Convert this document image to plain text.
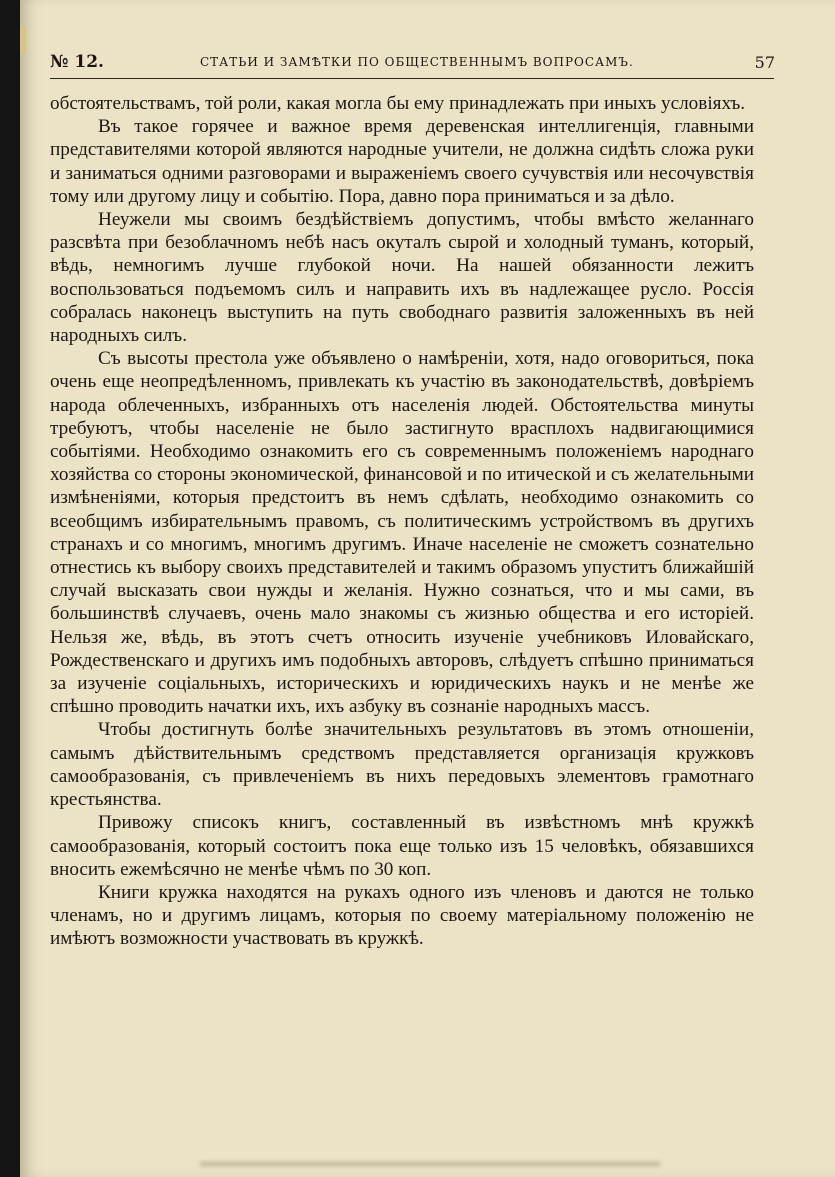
№ 12.	СТАТЬИ И ЗАМѢТКИ ПО ОБЩЕСТВЕННЫМЪ ВОПРОСАМЪ.	57

обстоятельствамъ, той роли, какая могла бы ему принадлежать при иныхъ условіяхъ.

Въ такое горячее и важное время деревенская интеллигенція, главными представителями которой являются народные учители, не должна сидѣть сложа руки и заниматься одними разговорами и выраженіемъ своего сучувствія или несочувствія тому или другому лицу и событію. Пора, давно пора приниматься и за дѣло.

Неужели мы своимъ бездѣйствіемъ допустимъ, чтобы вмѣсто желаннаго разсвѣта при безоблачномъ небѣ насъ окуталъ сырой и холодный туманъ, который, вѣдь, немногимъ лучше глубокой ночи. На нашей обязанности лежитъ воспользоваться подъемомъ силъ и направить ихъ въ надлежащее русло. Россія собралась наконецъ выступить на путь свободнаго развитія заложенныхъ въ ней народныхъ силъ.

Съ высоты престола уже объявлено о намѣреніи, хотя, надо оговориться, пока очень еще неопредѣленномъ, привлекать къ участію въ законодательствѣ, довѣріемъ народа облеченныхъ, избранныхъ отъ населенія людей. Обстоятельства минуты требуютъ, чтобы населеніе не было застигнуто врасплохъ надвигающимися событіями. Необходимо ознакомить его съ современнымъ положеніемъ народнаго хозяйства со стороны экономической, финансовой и по итической и съ желательными измѣненіями, которыя предстоитъ въ немъ сдѣлать, необходимо ознакомить со всеобщимъ избирательнымъ правомъ, съ политическимъ устройствомъ въ другихъ странахъ и со многимъ, многимъ другимъ. Иначе населеніе не сможетъ сознательно отнестись къ выбору своихъ представителей и такимъ образомъ упуститъ ближайшій случай высказать свои нужды и желанія. Нужно сознаться, что и мы сами, въ большинствѣ случаевъ, очень мало знакомы съ жизнью общества и его исторіей. Нельзя же, вѣдь, въ этотъ счетъ относить изученіе учебниковъ Иловайскаго, Рождественскаго и другихъ имъ подобныхъ авторовъ, слѣдуетъ спѣшно приниматься за изученіе соціальныхъ, историческихъ и юридическихъ наукъ и не менѣе же спѣшно проводить начатки ихъ, ихъ азбуку въ сознаніе народныхъ массъ.

Чтобы достигнуть болѣе значительныхъ результатовъ въ этомъ отношеніи, самымъ дѣйствительнымъ средствомъ представляется организація кружковъ самообразованія, съ привлеченіемъ въ нихъ передовыхъ элементовъ грамотнаго крестьянства.

Привожу списокъ книгъ, составленный въ извѣстномъ мнѣ кружкѣ самообразованія, который состоитъ пока еще только изъ 15 человѣкъ, обязавшихся вносить ежемѣсячно не менѣе чѣмъ по 30 коп.

Книги кружка находятся на рукахъ одного изъ членовъ и даются не только членамъ, но и другимъ лицамъ, которыя по своему матеріальному положенію не имѣютъ возможности участвовать въ кружкѣ.
